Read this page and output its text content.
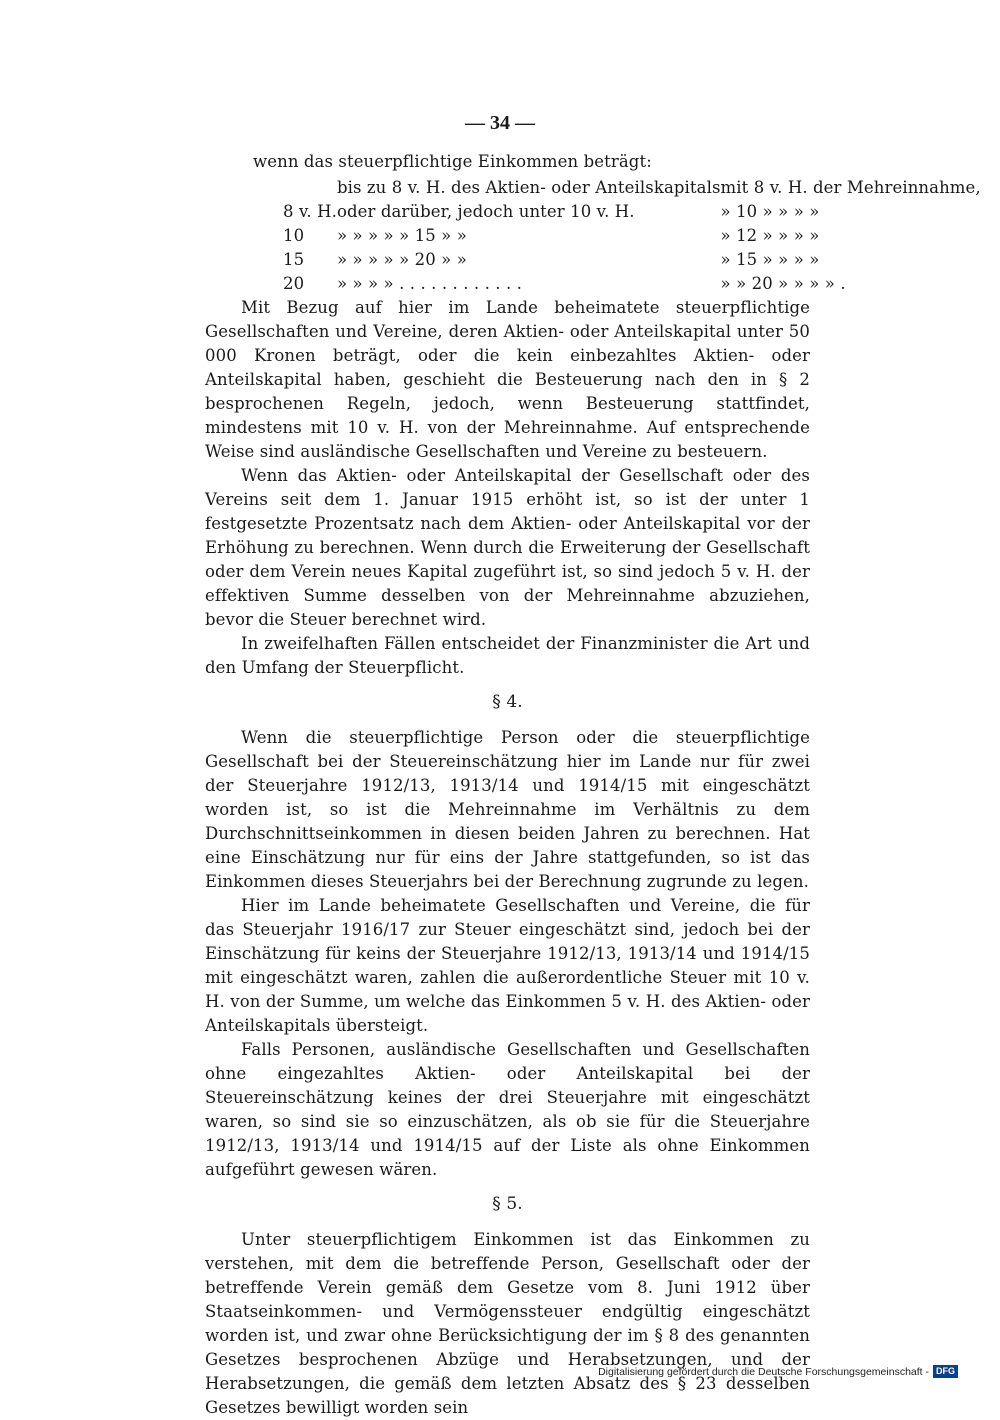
— 34 —
wenn das steuerpflichtige Einkommen beträgt:
	bis zu 8 v. H. des Aktien- oder Anteilskapitals	mit 8 v. H. der Mehreinnahme,
8 v. H.	oder darüber, jedoch unter 10 v. H.	» 10 » » » »
10	» » » » » 15 » »	» 12 » » » »
15	» » » » » 20 » »	» 15 » » » »
20	» » » » . . . . . . . . . . . .	» » 20 » » » » .

Mit Bezug auf hier im Lande beheimatete steuerpflichtige Gesellschaften und Vereine, deren Aktien- oder Anteilskapital unter 50 000 Kronen beträgt, oder die kein einbezahltes Aktien- oder Anteilskapital haben, geschieht die Besteuerung nach den in § 2 besprochenen Regeln, jedoch, wenn Besteuerung stattfindet, mindestens mit 10 v. H. von der Mehreinnahme. Auf entsprechende Weise sind ausländische Gesellschaften und Vereine zu besteuern.

Wenn das Aktien- oder Anteilskapital der Gesellschaft oder des Vereins seit dem 1. Januar 1915 erhöht ist, so ist der unter 1 festgesetzte Prozentsatz nach dem Aktien- oder Anteilskapital vor der Erhöhung zu berechnen. Wenn durch die Erweiterung der Gesellschaft oder dem Verein neues Kapital zugeführt ist, so sind jedoch 5 v. H. der effektiven Summe desselben von der Mehreinnahme abzuziehen, bevor die Steuer berechnet wird.

In zweifelhaften Fällen entscheidet der Finanzminister die Art und den Umfang der Steuerpflicht.

§ 4.

Wenn die steuerpflichtige Person oder die steuerpflichtige Gesellschaft bei der Steuereinschätzung hier im Lande nur für zwei der Steuerjahre 1912/13, 1913/14 und 1914/15 mit eingeschätzt worden ist, so ist die Mehreinnahme im Verhältnis zu dem Durchschnittseinkommen in diesen beiden Jahren zu berechnen. Hat eine Einschätzung nur für eins der Jahre stattgefunden, so ist das Einkommen dieses Steuerjahrs bei der Berechnung zugrunde zu legen.

Hier im Lande beheimatete Gesellschaften und Vereine, die für das Steuerjahr 1916/17 zur Steuer eingeschätzt sind, jedoch bei der Einschätzung für keins der Steuerjahre 1912/13, 1913/14 und 1914/15 mit eingeschätzt waren, zahlen die außerordentliche Steuer mit 10 v. H. von der Summe, um welche das Einkommen 5 v. H. des Aktien- oder Anteilskapitals übersteigt.

Falls Personen, ausländische Gesellschaften und Gesellschaften ohne eingezahltes Aktien- oder Anteilskapital bei der Steuereinschätzung keines der drei Steuerjahre mit eingeschätzt waren, so sind sie so einzuschätzen, als ob sie für die Steuerjahre 1912/13, 1913/14 und 1914/15 auf der Liste als ohne Einkommen aufgeführt gewesen wären.

§ 5.

Unter steuerpflichtigem Einkommen ist das Einkommen zu verstehen, mit dem die betreffende Person, Gesellschaft oder der betreffende Verein gemäß dem Gesetze vom 8. Juni 1912 über Staatseinkommen- und Vermögenssteuer endgültig eingeschätzt worden ist, und zwar ohne Berücksichtigung der im § 8 des genannten Gesetzes besprochenen Abzüge und Herabsetzungen, und der Herabsetzungen, die gemäß dem letzten Absatz des § 23 desselben Gesetzes bewilligt worden sein

Digitalisierung gefördert durch die Deutsche Forschungsgemeinschaft - DFG
